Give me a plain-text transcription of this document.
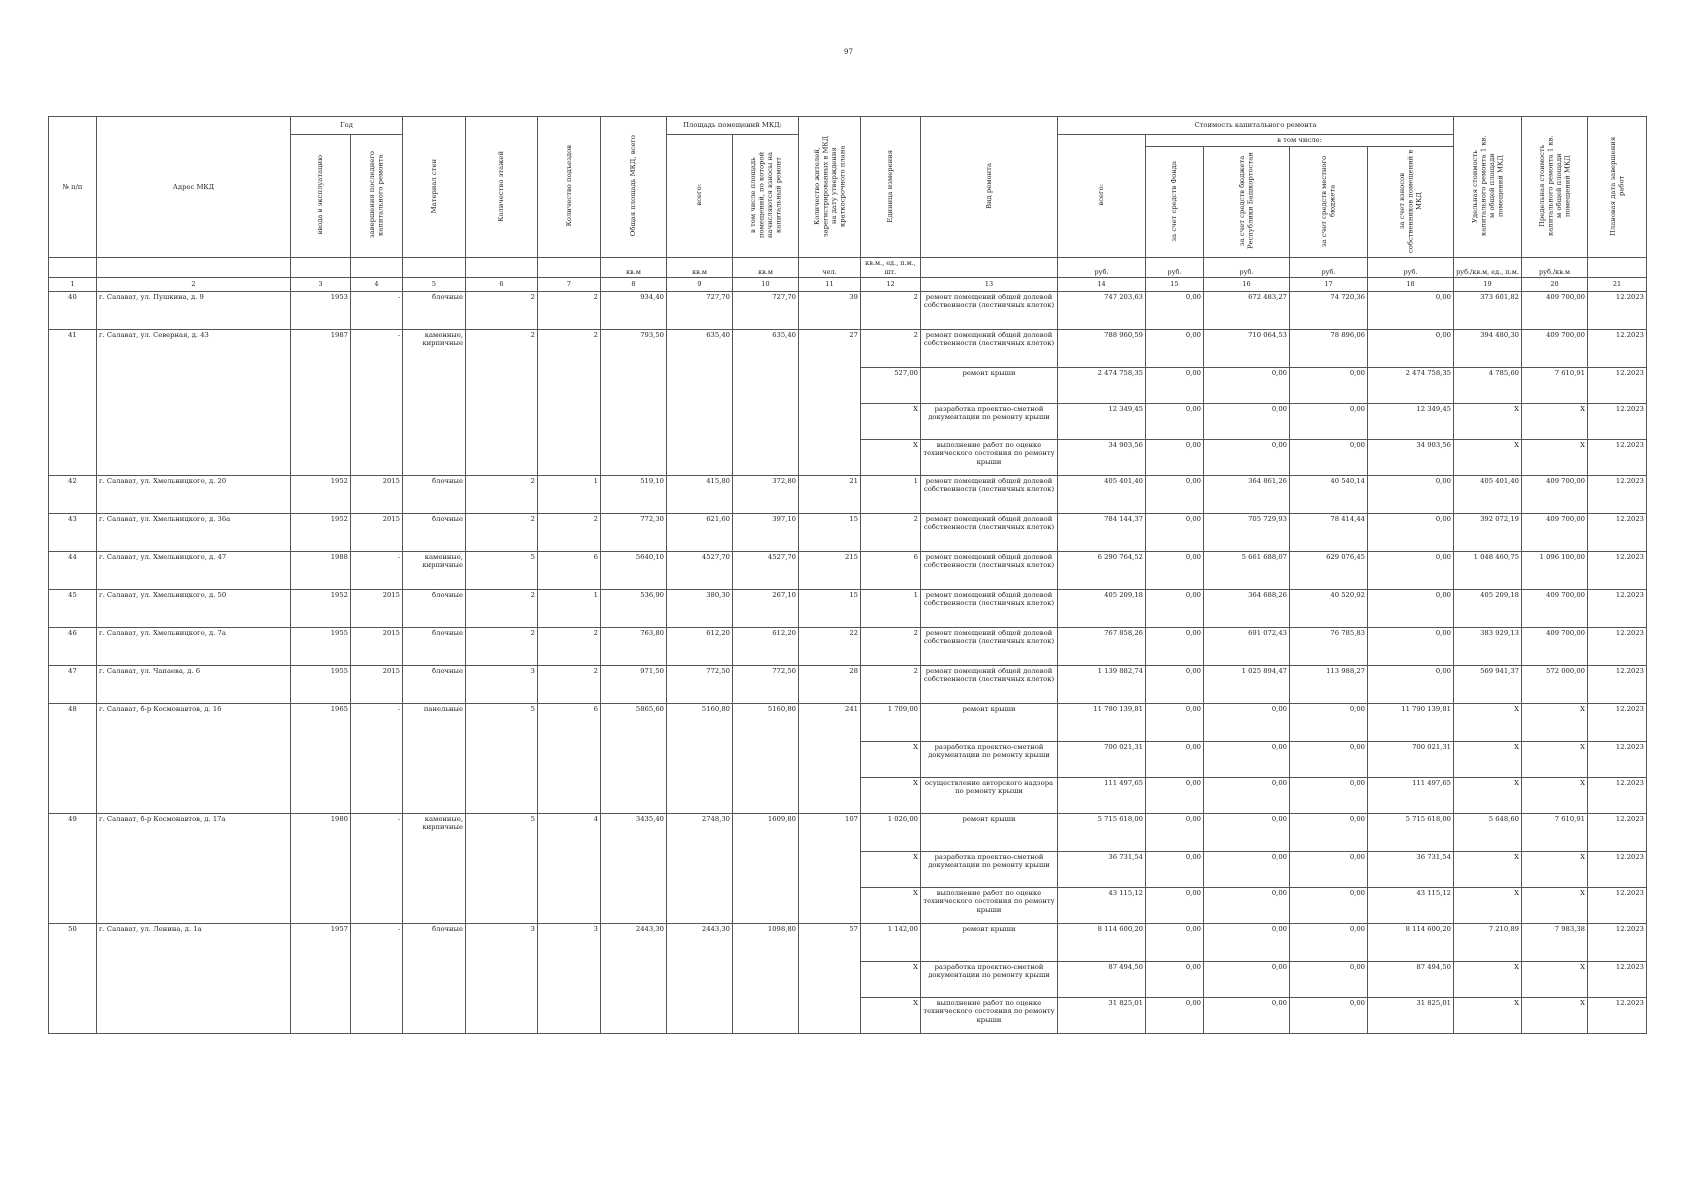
97
№ п/п	Адрес МКД	Год		Материал стен	Количество этажей	Количество подъездов	Общая площадь МКД, всего	Площадь помещений МКД:		Количество жителей, зарегистрированных в МКД на дату утверждения краткосрочного плана	Единица измерения	Вид ремонта	Стоимость капитального ремонта					Удельная стоимость капитального ремонта 1 кв. м общей площади помещений МКД	Предельная стоимость капитального ремонта 1 кв. м общей площади помещений МКД	Плановая дата завершения работ
		ввода в эксплуатацию	завершения последнего капитального ремонта					всего:	в том числе площадь помещений, по которой начисляются взносы на капитальный ремонт				всего:	в том числе:						
														за счет средств Фонда	за счет средств бюджета Республики Башкортостан	за счет средств местного бюджета	за счет взносов собственников помещений в МКД			
							кв.м	кв.м	кв.м	чел.	кв.м., ед., п.м., шт.		руб.	руб.	руб.	руб.	руб.	руб./кв.м, ед., п.м.	руб./кв.м	
1	2	3	4	5	6	7	8	9	10	11	12	13	14	15	16	17	18	19	20	21
40	г. Салават, ул. Пушкина, д. 9	1953	-	блочные	2	2	934,40	727,70	727,70	39	2	ремонт помещений общей долевой собственности (лестничных клеток)	747 203,63	0,00	672 483,27	74 720,36	0,00	373 601,82	409 700,00	12.2023
41	г. Салават, ул. Северная, д. 43	1987	-	каменные, кирпичные	2	2	793,50	635,40	635,40	27	2	ремонт помещений общей долевой собственности (лестничных клеток)	788 960,59	0,00	710 064,53	78 896,06	0,00	394 480,30	409 700,00	12.2023
											527,00	ремонт крыши	2 474 758,35	0,00	0,00	0,00	2 474 758,35	4 785,60	7 610,91	12.2023
											X	разработка проектно-сметной документации по ремонту крыши	12 349,45	0,00	0,00	0,00	12 349,45	X	X	12.2023
											X	выполнение работ по оценке технического состояния по ремонту крыши	34 903,56	0,00	0,00	0,00	34 903,56	X	X	12.2023
42	г. Салават, ул. Хмельницкого, д. 20	1952	2015	блочные	2	1	519,10	415,80	372,80	21	1	ремонт помещений общей долевой собственности (лестничных клеток)	405 401,40	0,00	364 861,26	40 540,14	0,00	405 401,40	409 700,00	12.2023
43	г. Салават, ул. Хмельницкого, д. 36а	1952	2015	блочные	2	2	772,30	621,60	397,10	15	2	ремонт помещений общей долевой собственности (лестничных клеток)	784 144,37	0,00	705 729,93	78 414,44	0,00	392 072,19	409 700,00	12.2023
44	г. Салават, ул. Хмельницкого, д. 47	1988	-	каменные, кирпичные	5	6	5640,10	4527,70	4527,70	215	6	ремонт помещений общей долевой собственности (лестничных клеток)	6 290 764,52	0,00	5 661 688,07	629 076,45	0,00	1 048 460,75	1 096 100,00	12.2023
45	г. Салават, ул. Хмельницкого, д. 50	1952	2015	блочные	2	1	536,90	380,30	267,10	15	1	ремонт помещений общей долевой собственности (лестничных клеток)	405 209,18	0,00	364 688,26	40 520,92	0,00	405 209,18	409 700,00	12.2023
46	г. Салават, ул. Хмельницкого, д. 7а	1955	2015	блочные	2	2	763,80	612,20	612,20	22	2	ремонт помещений общей долевой собственности (лестничных клеток)	767 858,26	0,00	691 072,43	76 785,83	0,00	383 929,13	409 700,00	12.2023
47	г. Салават, ул. Чапаева, д. 6	1955	2015	блочные	3	2	971,50	772,50	772,50	28	2	ремонт помещений общей долевой собственности (лестничных клеток)	1 139 882,74	0,00	1 025 894,47	113 988,27	0,00	569 941,37	572 000,00	12.2023
48	г. Салават, б-р Космонавтов, д. 16	1965	-	панельные	5	6	5865,60	5160,80	5160,80	241	1 709,00	ремонт крыши	11 790 139,81	0,00	0,00	0,00	11 790 139,81	X	X	12.2023
											X	разработка проектно-сметной документации по ремонту крыши	700 021,31	0,00	0,00	0,00	700 021,31	X	X	12.2023
											X	осуществление авторского надзора по ремонту крыши	111 497,65	0,00	0,00	0,00	111 497,65	X	X	12.2023
49	г. Салават, б-р Космонавтов, д. 17а	1980	-	каменные, кирпичные	5	4	3435,40	2748,30	1609,80	107	1 026,00	ремонт крыши	5 715 618,00	0,00	0,00	0,00	5 715 618,00	5 648,60	7 610,91	12.2023
											X	разработка проектно-сметной документации по ремонту крыши	36 731,54	0,00	0,00	0,00	36 731,54	X	X	12.2023
											X	выполнение работ по оценке технического состояния по ремонту крыши	43 115,12	0,00	0,00	0,00	43 115,12	X	X	12.2023
50	г. Салават, ул. Ленина, д. 1а	1957	-	блочные	3	3	2443,30	2443,30	1098,80	57	1 142,00	ремонт крыши	8 114 600,20	0,00	0,00	0,00	8 114 600,20	7 210,89	7 983,38	12.2023
											X	разработка проектно-сметной документации по ремонту крыши	87 494,50	0,00	0,00	0,00	87 494,50	X	X	12.2023
											X	выполнение работ по оценке технического состояния по ремонту крыши	31 825,01	0,00	0,00	0,00	31 825,01	X	X	12.2023
